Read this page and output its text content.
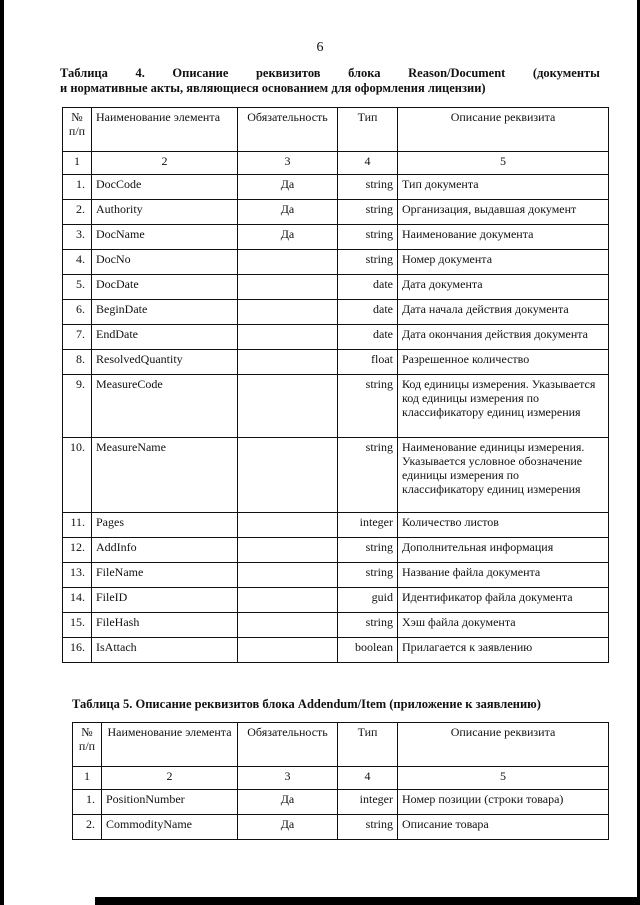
6
Таблица 4. Описание реквизитов блока Reason/Document (документы
и нормативные акты, являющиеся основанием для оформления лицензии)
№ п/п	Наименование элемента	Обязательность	Тип	Описание реквизита
1	2	3	4	5
1.	DocCode	Да	string	Тип документа
2.	Authority	Да	string	Организация, выдавшая документ
3.	DocName	Да	string	Наименование документа
4.	DocNo		string	Номер документа
5.	DocDate		date	Дата документа
6.	BeginDate		date	Дата начала действия документа
7.	EndDate		date	Дата окончания действия документа
8.	ResolvedQuantity		float	Разрешенное количество
9.	MeasureCode		string	Код единицы измерения. Указывается код единицы измерения по классификатору единиц измерения
10.	MeasureName		string	Наименование единицы измерения. Указывается условное обозначение единицы измерения по классификатору единиц измерения
11.	Pages		integer	Количество листов
12.	AddInfo		string	Дополнительная информация
13.	FileName		string	Название файла документа
14.	FileID		guid	Идентификатор файла документа
15.	FileHash		string	Хэш файла документа
16.	IsAttach		boolean	Прилагается к заявлению
Таблица 5. Описание реквизитов блока Addendum/Item (приложение к заявлению)
№ п/п	Наименование элемента	Обязательность	Тип	Описание реквизита
1	2	3	4	5
1.	PositionNumber	Да	integer	Номер позиции (строки товара)
2.	CommodityName	Да	string	Описание товара
